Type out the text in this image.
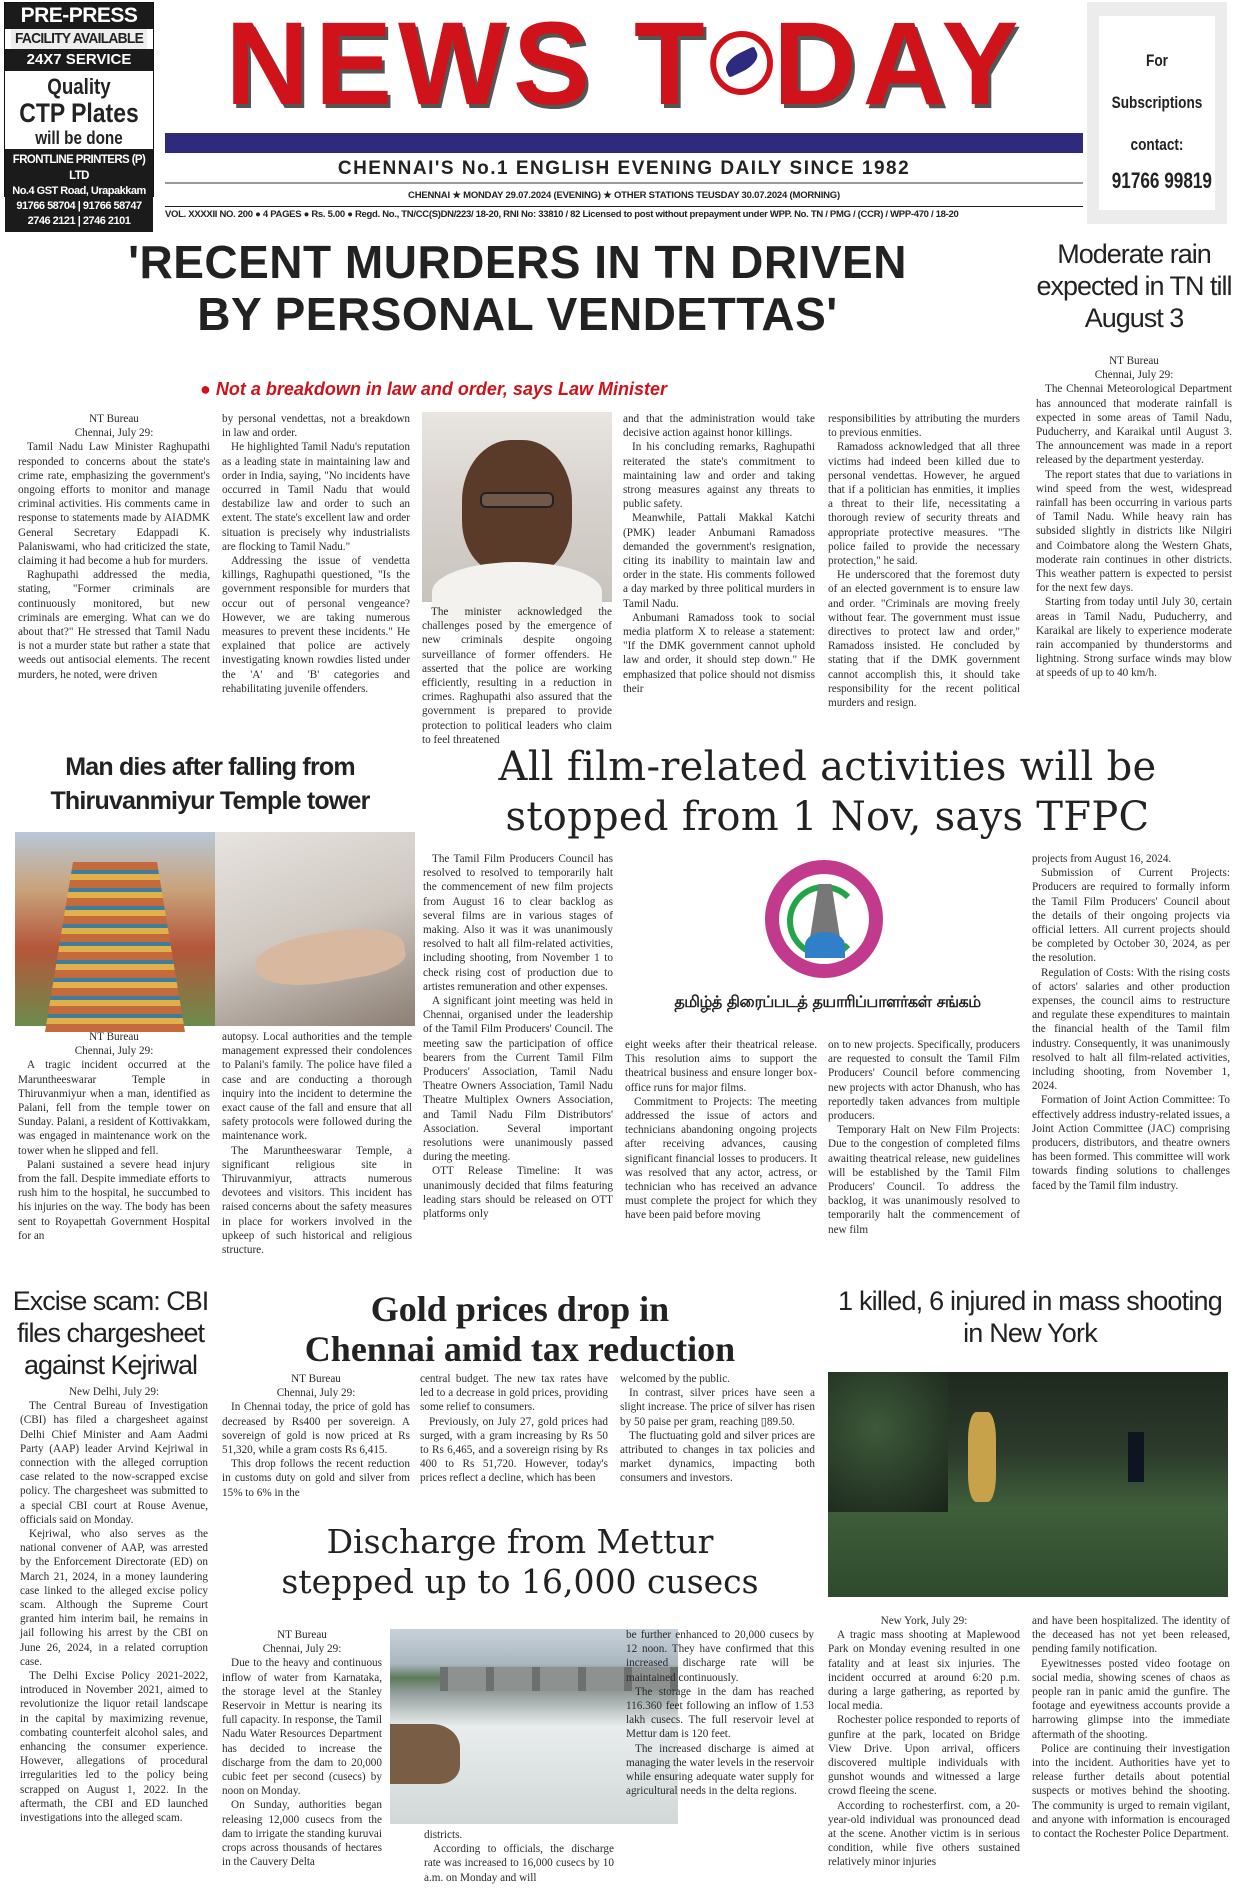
PRE-PRESS
FACILITY AVAILABLE
24X7 SERVICE
Quality
CTP Plates
will be done
FRONTLINE PRINTERS (P) LTD
No.4 GST Road, Urapakkam
91766 58704 | 91766 58747
2746 2121 | 2746 2101
NEWS T DAY
CHENNAI'S No.1 ENGLISH EVENING DAILY SINCE 1982
CHENNAI ★ MONDAY 29.07.2024 (EVENING) ★ OTHER STATIONS TEUSDAY 30.07.2024 (MORNING)
VOL. XXXXII NO. 200 ● 4 PAGES ● Rs. 5.00 ● Regd. No., TN/CC(S)DN/223/ 18-20, RNI No: 33810 / 82 Licensed to post without prepayment under WPP. No. TN / PMG / (CCR) / WPP-470 / 18-20
For
Subscriptions
contact:
91766 99819
'RECENT MURDERS IN TN DRIVEN
BY PERSONAL VENDETTAS'
● Not a breakdown in law and order, says Law Minister

NT Bureau

Chennai, July 29:

Tamil Nadu Law Minister Raghupathi responded to concerns about the state's crime rate, emphasizing the government's ongoing efforts to monitor and manage criminal activities. His comments came in response to statements made by AIADMK General Secretary Edappadi K. Palaniswami, who had criticized the state, claiming it had become a hub for murders.

Raghupathi addressed the media, stating, "Former criminals are continuously monitored, but new criminals are emerging. What can we do about that?" He stressed that Tamil Nadu is not a murder state but rather a state that weeds out antisocial elements. The recent murders, he noted, were driven

by personal vendettas, not a breakdown in law and order.

He highlighted Tamil Nadu's reputation as a leading state in maintaining law and order in India, saying, "No incidents have occurred in Tamil Nadu that would destabilize law and order to such an extent. The state's excellent law and order situation is precisely why industrialists are flocking to Tamil Nadu."

Addressing the issue of vendetta killings, Raghupathi questioned, "Is the government responsible for murders that occur out of personal vengeance? However, we are taking numerous measures to prevent these incidents." He explained that police are actively investigating known rowdies listed under the 'A' and 'B' categories and rehabilitating juvenile offenders.

The minister acknowledged the challenges posed by the emergence of new criminals despite ongoing surveillance of former offenders. He asserted that the police are working efficiently, resulting in a reduction in crimes. Raghupathi also assured that the government is prepared to provide protection to political leaders who claim to feel threatened

and that the administration would take decisive action against honor killings.

In his concluding remarks, Raghupathi reiterated the state's commitment to maintaining law and order and taking strong measures against any threats to public safety.

Meanwhile, Pattali Makkal Katchi (PMK) leader Anbumani Ramadoss demanded the government's resignation, citing its inability to maintain law and order in the state. His comments followed a day marked by three political murders in Tamil Nadu.

Anbumani Ramadoss took to social media platform X to release a statement: "If the DMK government cannot uphold law and order, it should step down." He emphasized that police should not dismiss their

responsibilities by attributing the murders to previous enmities.

Ramadoss acknowledged that all three victims had indeed been killed due to personal vendettas. However, he argued that if a politician has enmities, it implies a threat to their life, necessitating a thorough review of security threats and appropriate protective measures. "The police failed to provide the necessary protection," he said.

He underscored that the foremost duty of an elected government is to ensure law and order. "Criminals are moving freely without fear. The government must issue directives to protect law and order," Ramadoss insisted. He concluded by stating that if the DMK government cannot accomplish this, it should take responsibility for the recent political murders and resign.

Moderate rain expected in TN till August 3

NT Bureau

Chennai, July 29:

The Chennai Meteorological Department has announced that moderate rainfall is expected in some areas of Tamil Nadu, Puducherry, and Karaikal until August 3. The announcement was made in a report released by the department yesterday.

The report states that due to variations in wind speed from the west, widespread rainfall has been occurring in various parts of Tamil Nadu. While heavy rain has subsided slightly in districts like Nilgiri and Coimbatore along the Western Ghats, moderate rain continues in other districts. This weather pattern is expected to persist for the next few days.

Starting from today until July 30, certain areas in Tamil Nadu, Puducherry, and Karaikal are likely to experience moderate rain accompanied by thunderstorms and lightning. Strong surface winds may blow at speeds of up to 40 km/h.

Man dies after falling from
Thiruvanmiyur Temple tower

NT Bureau

Chennai, July 29:

A tragic incident occurred at the Maruntheeswarar Temple in Thiruvanmiyur when a man, identified as Palani, fell from the temple tower on Sunday. Palani, a resident of Kottivakkam, was engaged in maintenance work on the tower when he slipped and fell.

Palani sustained a severe head injury from the fall. Despite immediate efforts to rush him to the hospital, he succumbed to his injuries on the way. The body has been sent to Royapettah Government Hospital for an

autopsy. Local authorities and the temple management expressed their condolences to Palani's family. The police have filed a case and are conducting a thorough inquiry into the incident to determine the exact cause of the fall and ensure that all safety protocols were followed during the maintenance work.

The Maruntheeswarar Temple, a significant religious site in Thiruvanmiyur, attracts numerous devotees and visitors. This incident has raised concerns about the safety measures in place for workers involved in the upkeep of such historical and religious structure.

All film-related activities will be
stopped from 1 Nov, says TFPC

The Tamil Film Producers Council has resolved to resolved to temporarily halt the commencement of new film projects from August 16 to clear backlog as several films are in various stages of making. Also it was it was unanimously resolved to halt all film-related activities, including shooting, from November 1 to check rising cost of production due to artistes remuneration and other expenses.

A significant joint meeting was held in Chennai, organised under the leadership of the Tamil Film Producers' Council. The meeting saw the participation of office bearers from the Current Tamil Film Producers' Association, Tamil Nadu Theatre Owners Association, Tamil Nadu Theatre Multiplex Owners Association, and Tamil Nadu Film Distributors' Association. Several important resolutions were unanimously passed during the meeting.

OTT Release Timeline: It was unanimously decided that films featuring leading stars should be released on OTT platforms only

தமிழ்த் திரைப்படத் தயாரிப்பாளர்கள் சங்கம்

eight weeks after their theatrical release. This resolution aims to support the theatrical business and ensure longer box-office runs for major films.

Commitment to Projects: The meeting addressed the issue of actors and technicians abandoning ongoing projects after receiving advances, causing significant financial losses to producers. It was resolved that any actor, actress, or technician who has received an advance must complete the project for which they have been paid before moving

on to new projects. Specifically, producers are requested to consult the Tamil Film Producers' Council before commencing new projects with actor Dhanush, who has reportedly taken advances from multiple producers.

Temporary Halt on New Film Projects: Due to the congestion of completed films awaiting theatrical release, new guidelines will be established by the Tamil Film Producers' Council. To address the backlog, it was unanimously resolved to temporarily halt the commencement of new film

projects from August 16, 2024.

Submission of Current Projects: Producers are required to formally inform the Tamil Film Producers' Council about the details of their ongoing projects via official letters. All current projects should be completed by October 30, 2024, as per the resolution.

Regulation of Costs: With the rising costs of actors' salaries and other production expenses, the council aims to restructure and regulate these expenditures to maintain the financial health of the Tamil film industry. Consequently, it was unanimously resolved to halt all film-related activities, including shooting, from November 1, 2024.

Formation of Joint Action Committee: To effectively address industry-related issues, a Joint Action Committee (JAC) comprising producers, distributors, and theatre owners has been formed. This committee will work towards finding solutions to challenges faced by the Tamil film industry.

Excise scam: CBI files chargesheet against Kejriwal

New Delhi, July 29:

The Central Bureau of Investigation (CBI) has filed a chargesheet against Delhi Chief Minister and Aam Aadmi Party (AAP) leader Arvind Kejriwal in connection with the alleged corruption case related to the now-scrapped excise policy. The chargesheet was submitted to a special CBI court at Rouse Avenue, officials said on Monday.

Kejriwal, who also serves as the national convener of AAP, was arrested by the Enforcement Directorate (ED) on March 21, 2024, in a money laundering case linked to the alleged excise policy scam. Although the Supreme Court granted him interim bail, he remains in jail following his arrest by the CBI on June 26, 2024, in a related corruption case.

The Delhi Excise Policy 2021-2022, introduced in November 2021, aimed to revolutionize the liquor retail landscape in the capital by maximizing revenue, combating counterfeit alcohol sales, and enhancing the consumer experience. However, allegations of procedural irregularities led to the policy being scrapped on August 1, 2022. In the aftermath, the CBI and ED launched investigations into the alleged scam.

Gold prices drop in
Chennai amid tax reduction

NT Bureau

Chennai, July 29:

In Chennai today, the price of gold has decreased by Rs400 per sovereign. A sovereign of gold is now priced at Rs 51,320, while a gram costs Rs 6,415.

This drop follows the recent reduction in customs duty on gold and silver from 15% to 6% in the

central budget. The new tax rates have led to a decrease in gold prices, providing some relief to consumers.

Previously, on July 27, gold prices had surged, with a gram increasing by Rs 50 to Rs 6,465, and a sovereign rising by Rs 400 to Rs 51,720. However, today's prices reflect a decline, which has been

welcomed by the public.

In contrast, silver prices have seen a slight increase. The price of silver has risen by 50 paise per gram, reaching ▯89.50.

The fluctuating gold and silver prices are attributed to changes in tax policies and market dynamics, impacting both consumers and investors.

Discharge from Mettur
stepped up to 16,000 cusecs

NT Bureau

Chennai, July 29:

Due to the heavy and continuous inflow of water from Karnataka, the storage level at the Stanley Reservoir in Mettur is nearing its full capacity. In response, the Tamil Nadu Water Resources Department has decided to increase the discharge from the dam to 20,000 cubic feet per second (cusecs) by noon on Monday.

On Sunday, authorities began releasing 12,000 cusecs from the dam to irrigate the standing kuruvai crops across thousands of hectares in the Cauvery Delta

districts.

According to officials, the discharge rate was increased to 16,000 cusecs by 10 a.m. on Monday and will

be further enhanced to 20,000 cusecs by 12 noon. They have confirmed that this increased discharge rate will be maintained continuously.

The storage in the dam has reached 116.360 feet following an inflow of 1.53 lakh cusecs. The full reservoir level at Mettur dam is 120 feet.

The increased discharge is aimed at managing the water levels in the reservoir while ensuring adequate water supply for agricultural needs in the delta regions.

1 killed, 6 injured in mass shooting in New York

New York, July 29:

A tragic mass shooting at Maplewood Park on Monday evening resulted in one fatality and at least six injuries. The incident occurred at around 6:20 p.m. during a large gathering, as reported by local media.

Rochester police responded to reports of gunfire at the park, located on Bridge View Drive. Upon arrival, officers discovered multiple individuals with gunshot wounds and witnessed a large crowd fleeing the scene.

According to rochesterfirst. com, a 20-year-old individual was pronounced dead at the scene. Another victim is in serious condition, while five others sustained relatively minor injuries

and have been hospitalized. The identity of the deceased has not yet been released, pending family notification.

Eyewitnesses posted video footage on social media, showing scenes of chaos as people ran in panic amid the gunfire. The footage and eyewitness accounts provide a harrowing glimpse into the immediate aftermath of the shooting.

Police are continuing their investigation into the incident. Authorities have yet to release further details about potential suspects or motives behind the shooting. The community is urged to remain vigilant, and anyone with information is encouraged to contact the Rochester Police Department.
